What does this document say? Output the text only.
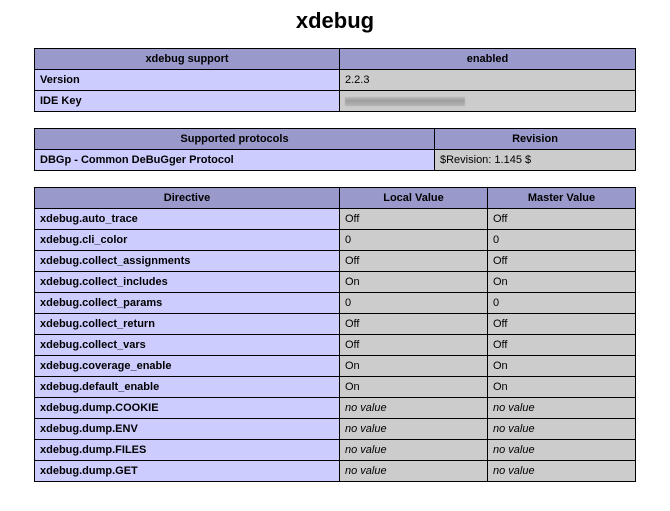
xdebug
xdebug support	enabled
Version	2.2.3
IDE Key	
Supported protocols	Revision
DBGp - Common DeBuGger Protocol	$Revision: 1.145 $
Directive	Local Value	Master Value
xdebug.auto_trace	Off	Off
xdebug.cli_color	0	0
xdebug.collect_assignments	Off	Off
xdebug.collect_includes	On	On
xdebug.collect_params	0	0
xdebug.collect_return	Off	Off
xdebug.collect_vars	Off	Off
xdebug.coverage_enable	On	On
xdebug.default_enable	On	On
xdebug.dump.COOKIE	no value	no value
xdebug.dump.ENV	no value	no value
xdebug.dump.FILES	no value	no value
xdebug.dump.GET	no value	no value
